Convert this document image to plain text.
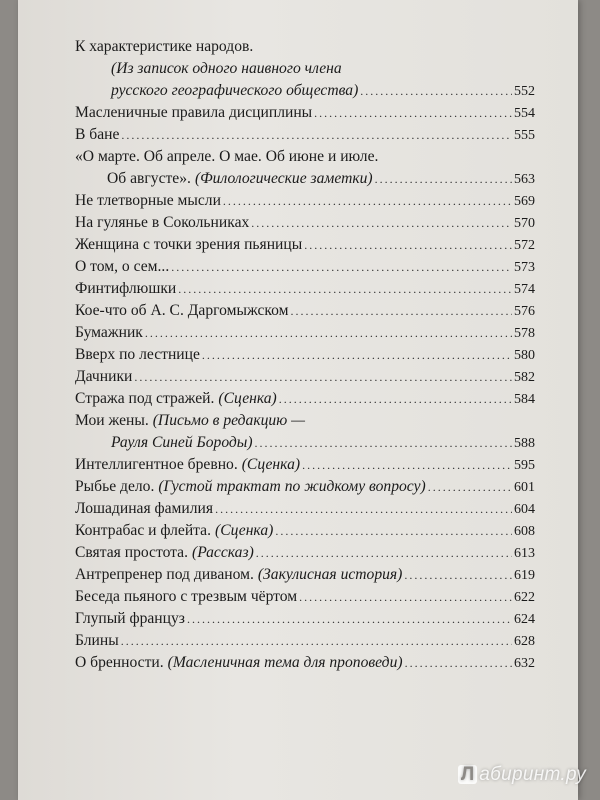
К характеристике народов.
(Из записок одного наивного члена
русского географического общества) .....	552
Масленичные правила дисциплины .....	554
В бане .....	555
«О марте. Об апреле. О мае. Об июне и июле.
Об августе». (Филологические заметки) .....	563
Не тлетворные мысли .....	569
На гулянье в Сокольниках .....	570
Женщина с точки зрения пьяницы .....	572
О том, о сем... .....	573
Финтифлюшки .....	574
Кое-что об А. С. Даргомыжском .....	576
Бумажник .....	578
Вверх по лестнице .....	580
Дачники .....	582
Стража под стражей. (Сценка) .....	584
Мои жены. (Письмо в редакцию —
Рауля Синей Бороды) .....	588
Интеллигентное бревно. (Сценка) .....	595
Рыбье дело. (Густой трактат по жидкому вопросу) .....	601
Лошадиная фамилия .....	604
Контрабас и флейта. (Сценка) .....	608
Святая простота. (Рассказ) .....	613
Антрепренер под диваном. (Закулисная история) .....	619
Беседа пьяного с трезвым чёртом .....	622
Глупый француз .....	624
Блины .....	628
О бренности. (Масленичная тема для проповеди) .....	632
Л абиринт.ру
